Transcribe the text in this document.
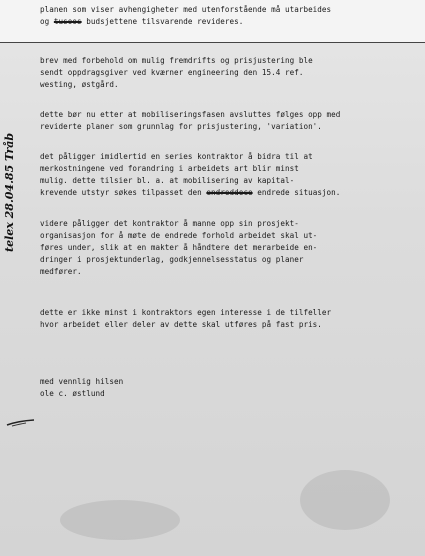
planen som viser avhengigheter med utenforstående må utarbeides
og tusoos budsjettene tilsvarende revideres.
brev med forbehold om mulig fremdrifts og prisjustering ble
sendt oppdragsgiver ved kværner engineering den 15.4 ref.
westing, østgård.
dette bør nu etter at mobiliseringsfasen avsluttes følges opp med
reviderte planer som grunnlag for prisjustering, 'variation'.
det påligger imidlertid en series kontraktor å bidra til at
merkostningene ved forandring i arbeidets art blir minst
mulig. dette tilsier bl. a. at mobilisering av kapital-
krevende utstyr søkes tilpasset den endreddece endrede situasjon.
videre påligger det kontraktor å manne opp sin prosjekt-
organisasjon for å møte de endrede forhold arbeidet skal ut-
føres under, slik at en makter å håndtere det merarbeide en-
dringer i prosjektunderlag, godkjennelsesstatus og planer
medfører.
dette er ikke minst i kontraktors egen interesse i de tilfeller
hvor arbeidet eller deler av dette skal utføres på fast pris.
med vennlig hilsen
ole c. østlund
telex 28.04.85 Tråb
